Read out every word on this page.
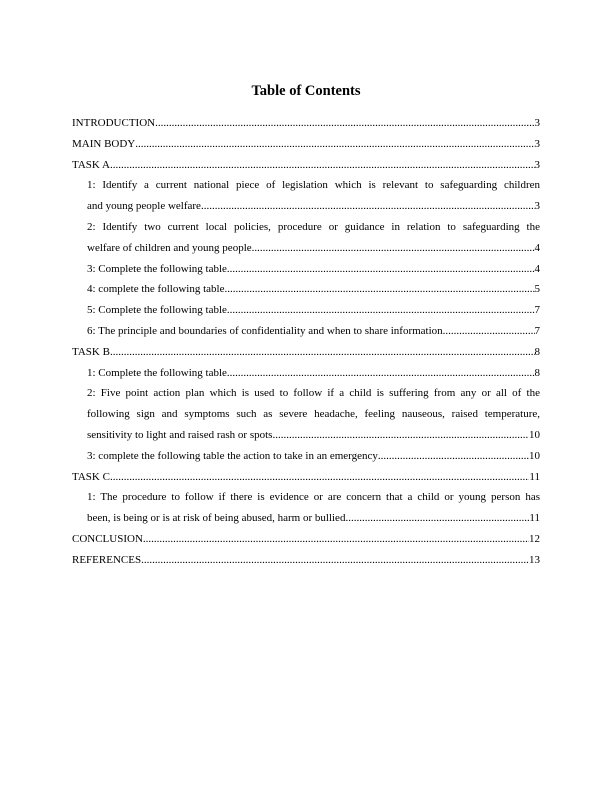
Table of Contents
INTRODUCTION .....	3
MAIN BODY .....	3
TASK A .....	3
1: Identify a current national piece of legislation which is relevant to safeguarding children
and young people welfare .....	3
2: Identify two current local policies, procedure or guidance in relation to safeguarding the
welfare of children and young people. .....	4
3: Complete the following table .....	4
4: complete the following table .....	5
5: Complete the following table .....	7
6: The principle and boundaries of confidentiality and when to share information .....	7
TASK B .....	8
1: Complete the following table .....	8
2: Five point action plan which is used to follow if a child is suffering from any or all of the
following sign and symptoms such as severe headache, feeling nauseous, raised temperature,
sensitivity to light and raised rash or spots. .....	10
3: complete the following table the action to take in an emergency .....	10
TASK C .....	11
1: The procedure to follow if there is evidence or are concern that a child or young person has
been, is being or is at risk of being abused, harm or bullied. .....	11
CONCLUSION .....	12
REFERENCES .....	13
